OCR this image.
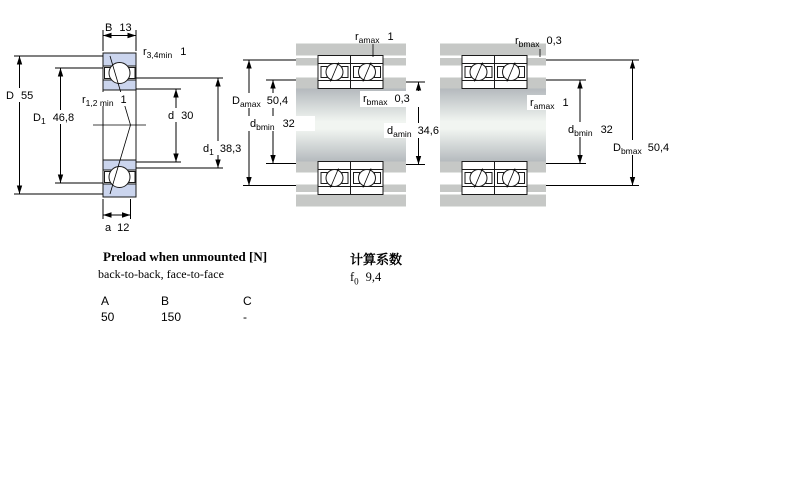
B 13
$r_{3,4min}$ 1
D 55
$D_1$ 46,8
$r_{1,2 min}$ 1
d 30
$d_1$ 38,3
a 12
$r_{amax}$ 1
$D_{amax}$ 50,4	$r_{bmax}$ 0,3
$d_{bmin}$ 32
$d_{amin}$ 34,6
$r_{bmax}$ 0,3
$r_{amax}$ 1
$d_{bmin}$ 32
$D_{bmax}$ 50,4
Preload when unmounted [N]
back-to-back, face-to-face
A	B	C
50	150	-
计算系数
$f_0$ 9,4
